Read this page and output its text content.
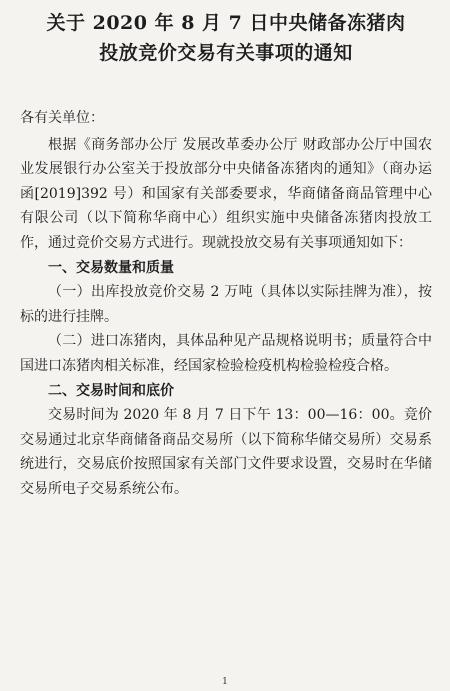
关于 2020 年 8 月 7 日中央储备冻猪肉
投放竞价交易有关事项的通知

各有关单位：

根据《商务部办公厅 发展改革委办公厅 财政部办公厅中国农业发展银行办公室关于投放部分中央储备冻猪肉的通知》（商办运函[2019]392 号）和国家有关部委要求，华商储备商品管理中心有限公司（以下简称华商中心）组织实施中央储备冻猪肉投放工作，通过竞价交易方式进行。现就投放交易有关事项通知如下：

一、交易数量和质量

（一）出库投放竞价交易 2 万吨（具体以实际挂牌为准），按标的进行挂牌。

（二）进口冻猪肉，具体品种见产品规格说明书；质量符合中国进口冻猪肉相关标准，经国家检验检疫机构检验检疫合格。

二、交易时间和底价

交易时间为 2020 年 8 月 7 日下午 13：00—16：00。竞价交易通过北京华商储备商品交易所（以下简称华储交易所）交易系统进行，交易底价按照国家有关部门文件要求设置，交易时在华储交易所电子交易系统公布。

1
